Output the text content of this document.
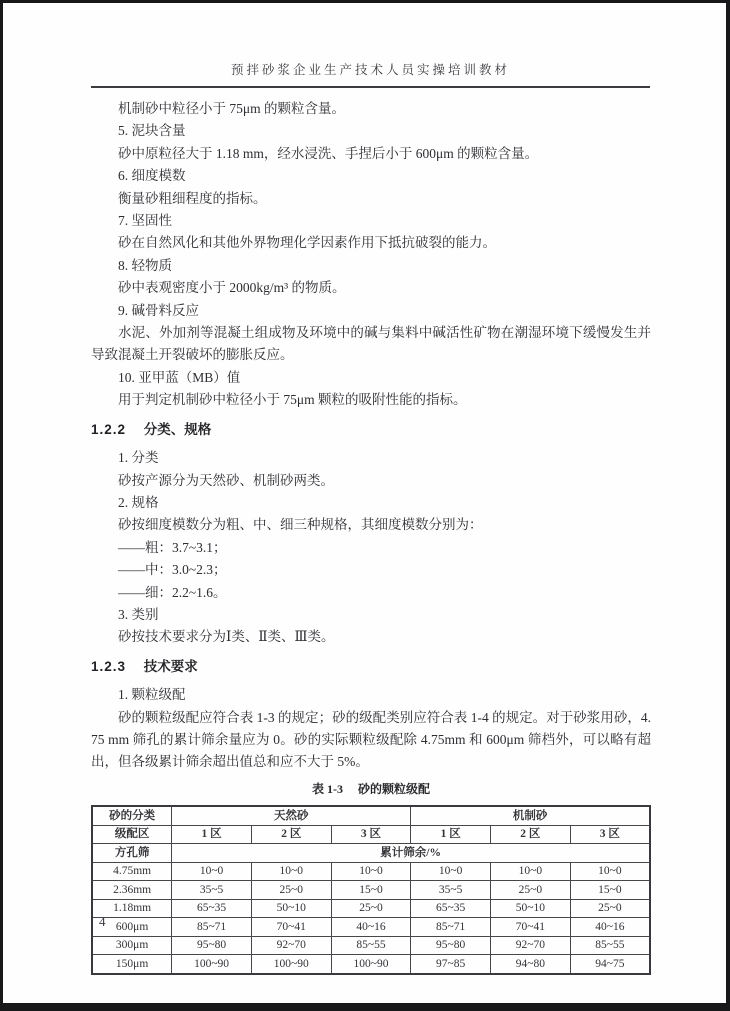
预拌砂浆企业生产技术人员实操培训教材

机制砂中粒径小于 75μm 的颗粒含量。

5. 泥块含量

砂中原粒径大于 1.18 mm，经水浸洗、手捏后小于 600μm 的颗粒含量。

6. 细度模数

衡量砂粗细程度的指标。

7. 坚固性

砂在自然风化和其他外界物理化学因素作用下抵抗破裂的能力。

8. 轻物质

砂中表观密度小于 2000kg/m³ 的物质。

9. 碱骨料反应

水泥、外加剂等混凝土组成物及环境中的碱与集料中碱活性矿物在潮湿环境下缓慢发生并导致混凝土开裂破坏的膨胀反应。

10. 亚甲蓝（MB）值

用于判定机制砂中粒径小于 75μm 颗粒的吸附性能的指标。

1.2.2 分类、规格

1. 分类

砂按产源分为天然砂、机制砂两类。

2. 规格

砂按细度模数分为粗、中、细三种规格，其细度模数分别为：

——粗：3.7~3.1；

——中：3.0~2.3；

——细：2.2~1.6。

3. 类别

砂按技术要求分为Ⅰ类、Ⅱ类、Ⅲ类。

1.2.3 技术要求

1. 颗粒级配

砂的颗粒级配应符合表 1-3 的规定；砂的级配类别应符合表 1-4 的规定。对于砂浆用砂，4.75 mm 筛孔的累计筛余量应为 0。砂的实际颗粒级配除 4.75mm 和 600μm 筛档外，可以略有超出，但各级累计筛余超出值总和应不大于 5%。

表 1-3 砂的颗粒级配

砂的分类	天然砂			机制砂		
级配区	1 区	2 区	3 区	1 区	2 区	3 区
方孔筛	累计筛余/%					
4.75mm	10~0	10~0	10~0	10~0	10~0	10~0
2.36mm	35~5	25~0	15~0	35~5	25~0	15~0
1.18mm	65~35	50~10	25~0	65~35	50~10	25~0
600μm	85~71	70~41	40~16	85~71	70~41	40~16
300μm	95~80	92~70	85~55	95~80	92~70	85~55
150μm	100~90	100~90	100~90	97~85	94~80	94~75
4
